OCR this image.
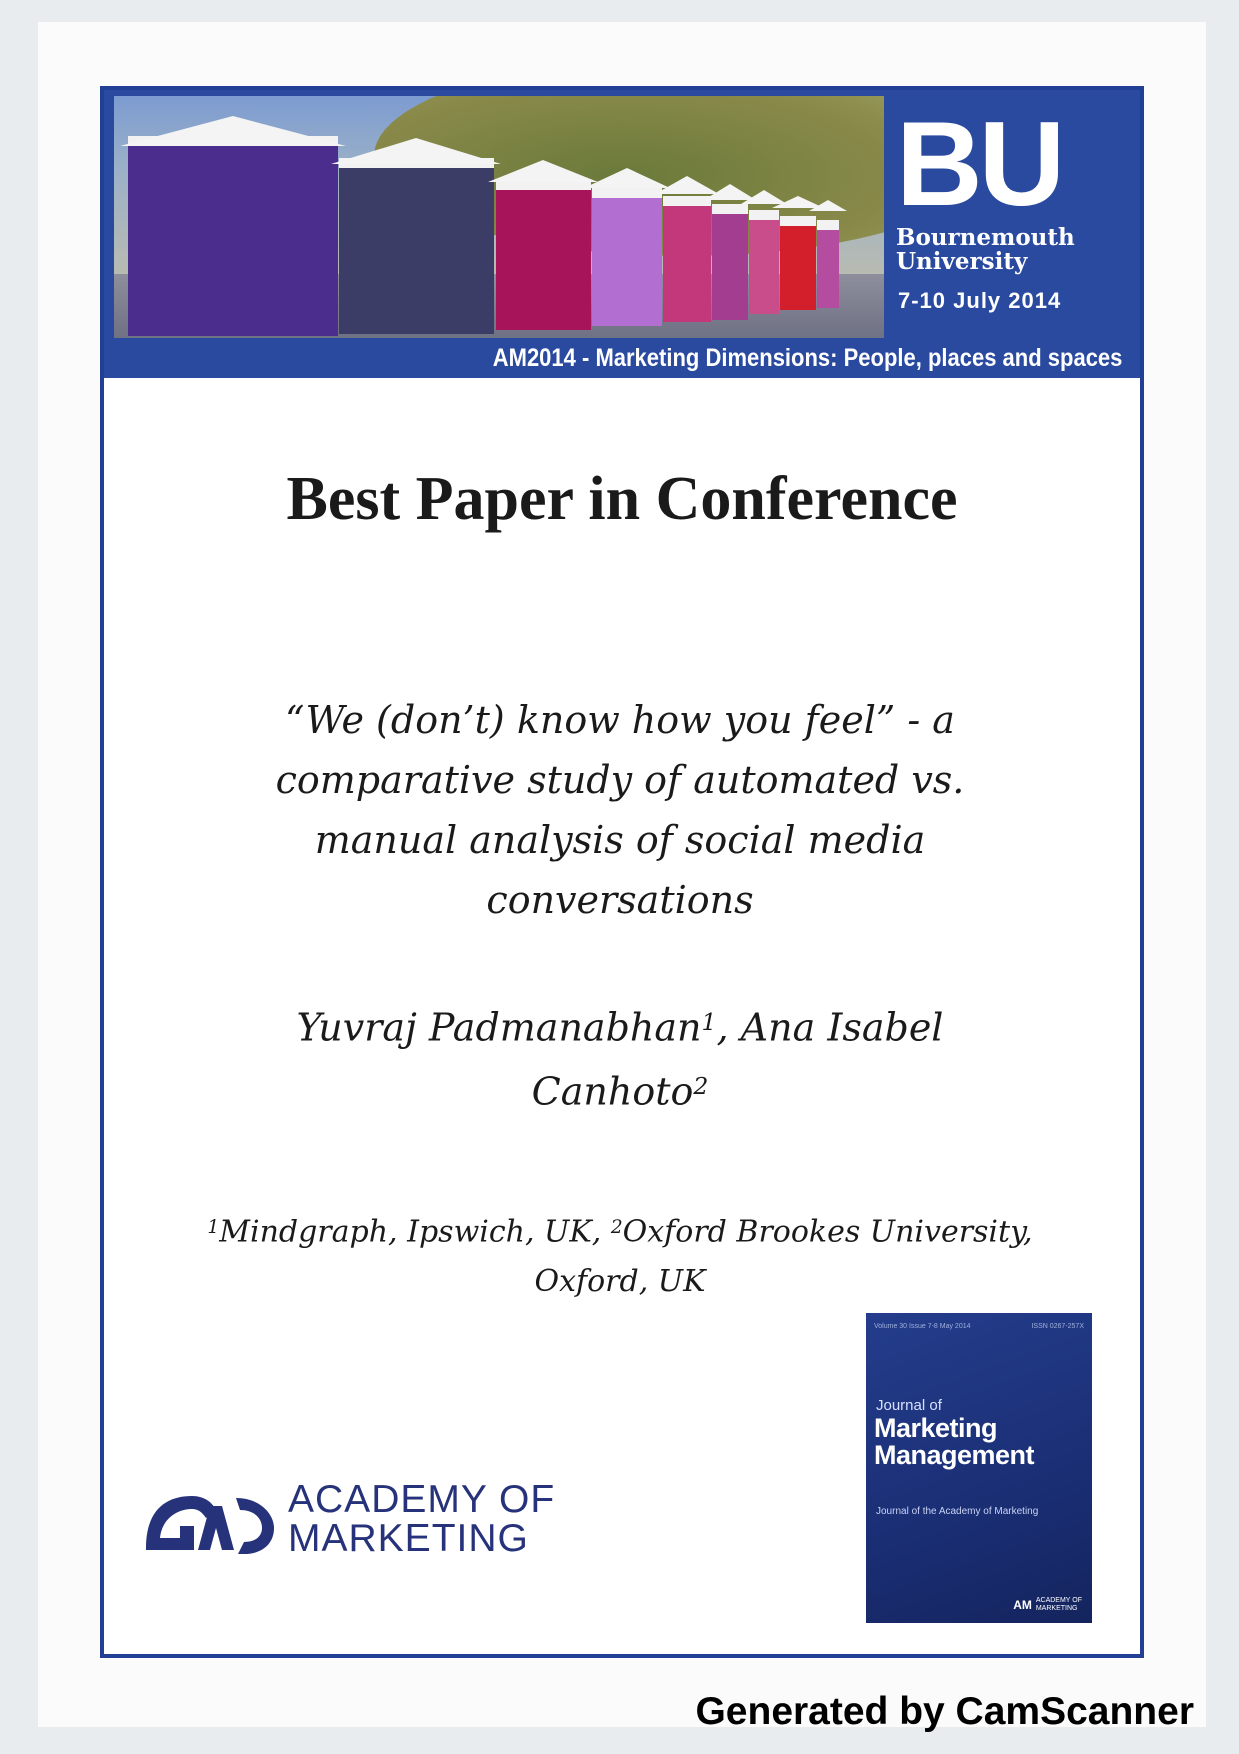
BU
Bournemouth
University
7-10 July 2014
AM2014 - Marketing Dimensions: People, places and spaces
Best Paper in Conference
“We (don’t) know how you feel” - a
comparative study of automated vs.
manual analysis of social media
conversations
Yuvraj Padmanabhan$^1$, Ana Isabel
Canhoto$^2$
$^1$Mindgraph, Ipswich, UK, $^2$Oxford Brookes University,
Oxford, UK
ACADEMY OF
MARKETING
Volume 30 Issue 7-8 May 2014	ISSN 0267-257X
Journal of
Marketing
Management
Journal of the Academy of Marketing
AM ACADEMY OF
MARKETING
Generated by CamScanner
